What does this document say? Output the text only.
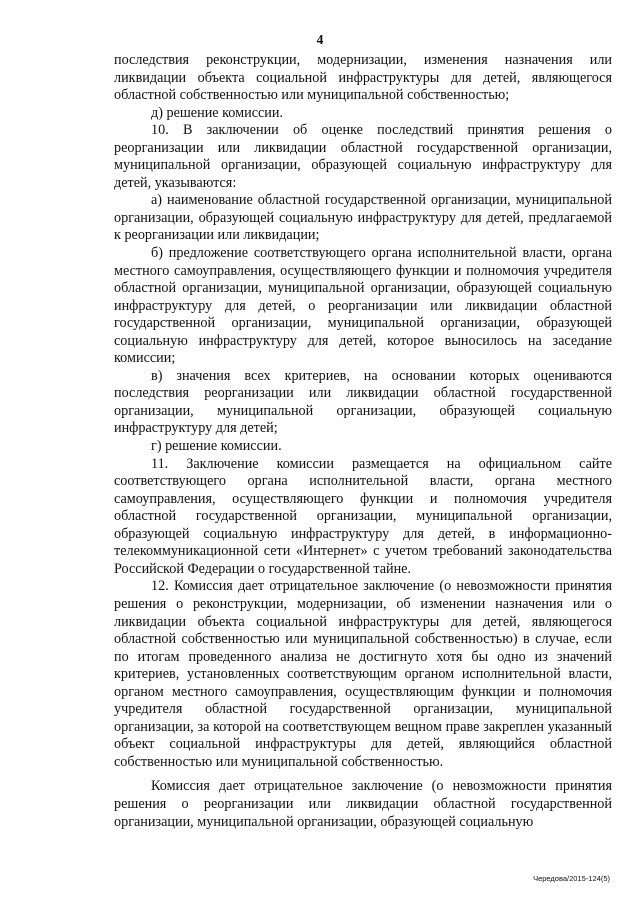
4

последствия реконструкции, модернизации, изменения назначения или ликвидации объекта социальной инфраструктуры для детей, являющегося областной собственностью или муниципальной собственностью;

д) решение комиссии.

10. В заключении об оценке последствий принятия решения о реорганизации или ликвидации областной государственной организации, муниципальной организации, образующей социальную инфраструктуру для детей, указываются:

а) наименование областной государственной организации, муниципальной организации, образующей социальную инфраструктуру для детей, предлагаемой к реорганизации или ликвидации;

б) предложение соответствующего органа исполнительной власти, органа местного самоуправления, осуществляющего функции и полномочия учредителя областной организации, муниципальной организации, образующей социальную инфраструктуру для детей, о реорганизации или ликвидации областной государственной организации, муниципальной организации, образующей социальную инфраструктуру для детей, которое выносилось на заседание комиссии;

в) значения всех критериев, на основании которых оцениваются последствия реорганизации или ликвидации областной государственной организации, муниципальной организации, образующей социальную инфраструктуру для детей;

г) решение комиссии.

11. Заключение комиссии размещается на официальном сайте соответствующего органа исполнительной власти, органа местного самоуправления, осуществляющего функции и полномочия учредителя областной государственной организации, муниципальной организации, образующей социальную инфраструктуру для детей, в информационно-телекоммуникационной сети «Интернет» с учетом требований законодательства Российской Федерации о государственной тайне.

12. Комиссия дает отрицательное заключение (о невозможности принятия решения о реконструкции, модернизации, об изменении назначения или о ликвидации объекта социальной инфраструктуры для детей, являющегося областной собственностью или муниципальной собственностью) в случае, если по итогам проведенного анализа не достигнуто хотя бы одно из значений критериев, установленных соответствующим органом исполнительной власти, органом местного самоуправления, осуществляющим функции и полномочия учредителя областной государственной организации, муниципальной организации, за которой на соответствующем вещном праве закреплен указанный объект социальной инфраструктуры для детей, являющийся областной собственностью или муниципальной собственностью.

Комиссия дает отрицательное заключение (о невозможности принятия решения о реорганизации или ликвидации областной государственной организации, муниципальной организации, образующей социальную

Чередова/2015-124(5)
